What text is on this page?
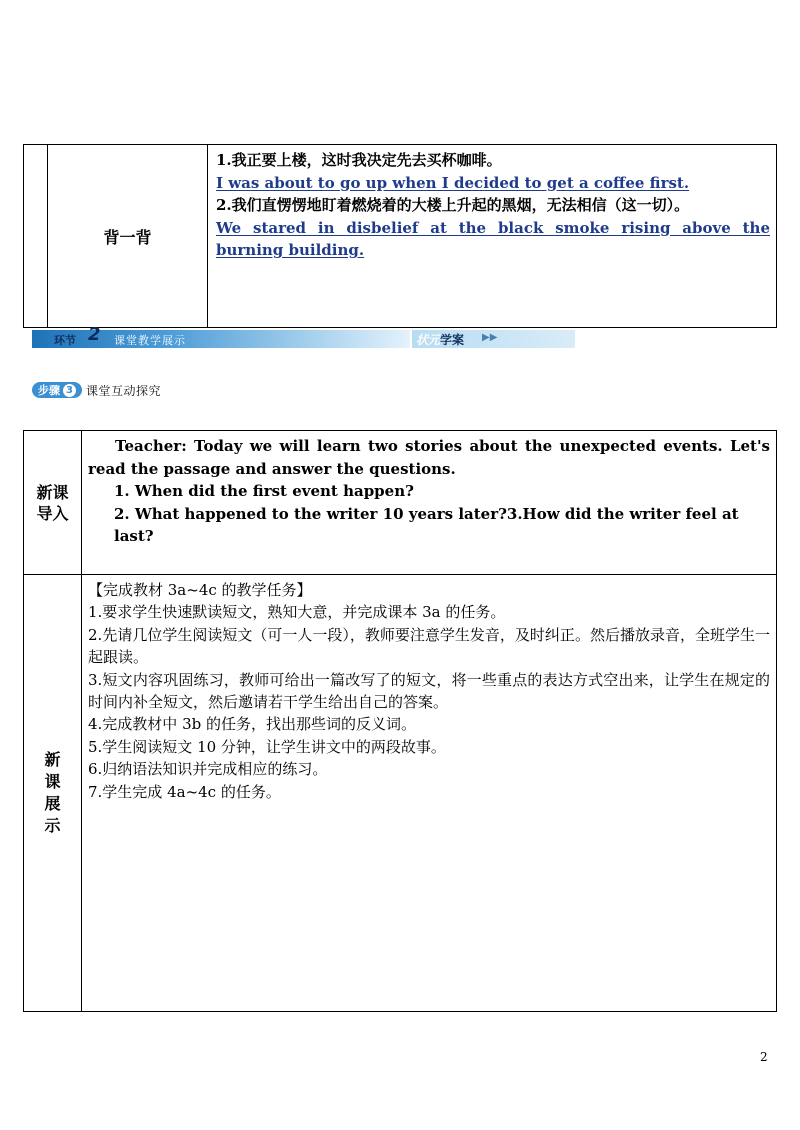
背一背

1.我正要上楼，这时我决定先去买杯咖啡。

I was about to go up when I decided to get a coffee first.

2.我们直愣愣地盯着燃烧着的大楼上升起的黑烟，无法相信（这一切）。

We stared in disbelief at the black smoke rising above the burning building.

环节 2 课堂教学展示	状元学案 ▶▶
步骤 3 课堂互动探究
新课
导入

Teacher: Today we will learn two stories about the unexpected events. Let's read the passage and answer the questions.

1. When did the first event happen?

2. What happened to the writer 10 years later?3.How did the writer feel at last?

新课展示

【完成教材 3a~4c 的教学任务】

1.要求学生快速默读短文，熟知大意，并完成课本 3a 的任务。

2.先请几位学生阅读短文（可一人一段），教师要注意学生发音，及时纠正。然后播放录音，全班学生一起跟读。

3.短文内容巩固练习，教师可给出一篇改写了的短文，将一些重点的表达方式空出来，让学生在规定的时间内补全短文，然后邀请若干学生给出自己的答案。

4.完成教材中 3b 的任务，找出那些词的反义词。

5.学生阅读短文 10 分钟，让学生讲文中的两段故事。

6.归纳语法知识并完成相应的练习。

7.学生完成 4a~4c 的任务。

2
